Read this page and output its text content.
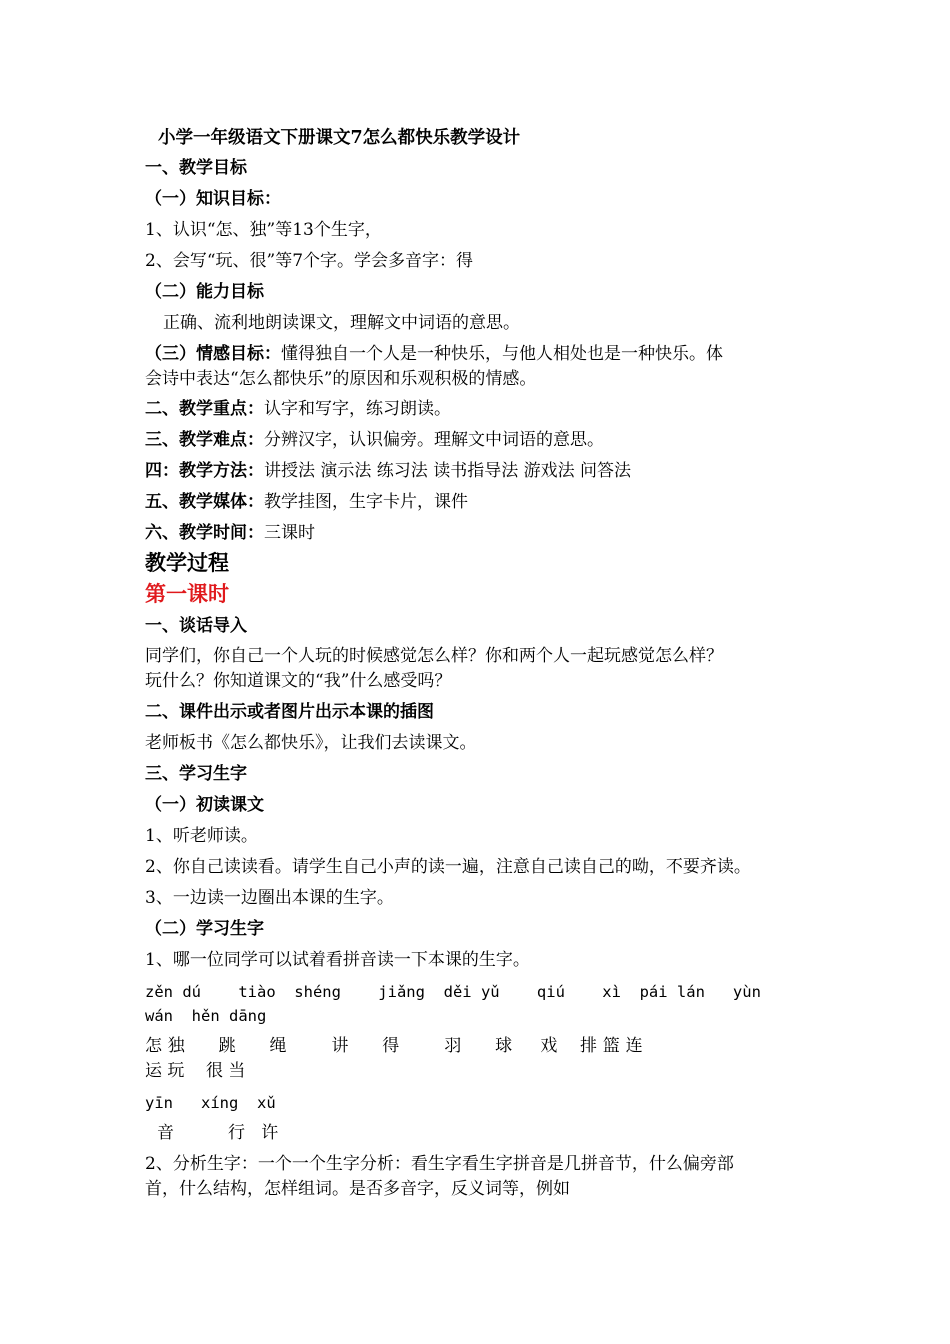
小学一年级语文下册课文7怎么都快乐教学设计
一、教学目标
（一）知识目标：
1、认识“怎、独”等13个生字，
2、会写“玩、很”等7个字。学会多音字：得
（二）能力目标
正确、流利地朗读课文，理解文中词语的意思。
（三）情感目标：懂得独自一个人是一种快乐，与他人相处也是一种快乐。体
会诗中表达“怎么都快乐”的原因和乐观积极的情感。
二、教学重点：认字和写字，练习朗读。
三、教学难点：分辨汉字，认识偏旁。理解文中词语的意思。
四：教学方法：讲授法 演示法 练习法 读书指导法 游戏法 问答法
五、教学媒体：教学挂图，生字卡片，课件
六、教学时间：三课时
教学过程
第一课时
一、谈话导入
同学们，你自己一个人玩的时候感觉怎么样？你和两个人一起玩感觉怎么样？
玩什么？你知道课文的“我”什么感受吗？
二、课件出示或者图片出示本课的插图
老师板书《怎么都快乐》，让我们去读课文。
三、学习生字
（一）初读课文
1、听老师读。
2、你自己读读看。请学生自己小声的读一遍，注意自己读自己的呦，不要齐读。
3、一边读一边圈出本课的生字。
（二）学习生字
1、哪一位同学可以试着看拼音读一下本课的生字。
zěn dú    tiào  shéng    jiǎng  děi yǔ    qiú    xì  pái lán   yùn
wán  hěn dāng
怎 独      跳      绳        讲      得        羽      球     戏    排 篮 连
运 玩    很 当
yīn   xíng  xǔ
音          行   许
2、分析生字：一个一个生字分析：看生字看生字拼音是几拼音节，什么偏旁部
首，什么结构，怎样组词。是否多音字，反义词等，例如
